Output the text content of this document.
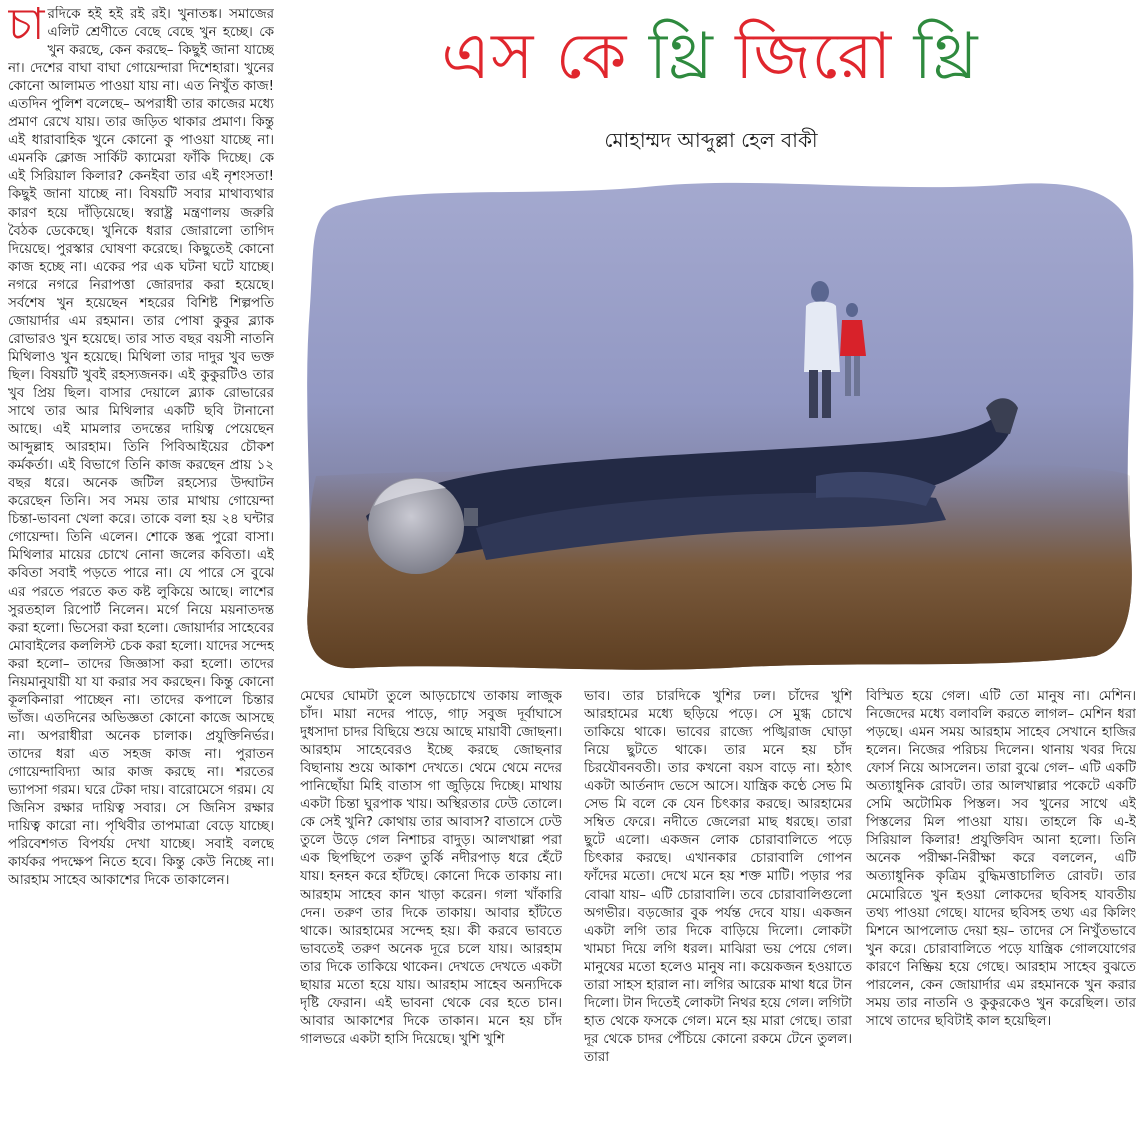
চারদিকে হই হই রই রই। খুনাতঙ্ক। সমাজের এলিট শ্রেণীতে বেছে বেছে খুন হচ্ছে। কে খুন করছে, কেন করছে– কিছুই জানা যাচ্ছে না। দেশের বাঘা বাঘা গোয়েন্দারা দিশেহারা। খুনের কোনো আলামত পাওয়া যায় না। এত নিখুঁত কাজ! এতদিন পুলিশ বলেছে– অপরাধী তার কাজের মধ্যে প্রমাণ রেখে যায়। তার জড়িত থাকার প্রমাণ। কিন্তু এই ধারাবাহিক খুনে কোনো কু পাওয়া যাচ্ছে না। এমনকি ক্লোজ সার্কিট ক্যামেরা ফাঁকি দিচ্ছে। কে এই সিরিয়াল কিলার? কেনইবা তার এই নৃশংসতা! কিছুই জানা যাচ্ছে না। বিষয়টি সবার মাথাব্যথার কারণ হয়ে দাঁড়িয়েছে। স্বরাষ্ট্র মন্ত্রণালয় জরুরি বৈঠক ডেকেছে। খুনিকে ধরার জোরালো তাগিদ দিয়েছে। পুরস্কার ঘোষণা করেছে। কিছুতেই কোনো কাজ হচ্ছে না। একের পর এক ঘটনা ঘটে যাচ্ছে। নগরে নগরে নিরাপত্তা জোরদার করা হয়েছে। সর্বশেষ খুন হয়েছেন শহরের বিশিষ্ট শিল্পপতি জোয়ার্দার এম রহমান। তার পোষা কুকুর ব্ল্যাক রোভারও খুন হয়েছে। তার সাত বছর বয়সী নাতনি মিথিলাও খুন হয়েছে। মিথিলা তার দাদুর খুব ভক্ত ছিল। বিষয়টি খুবই রহস্যজনক। এই কুকুরটিও তার খুব প্রিয় ছিল। বাসার দেয়ালে ব্ল্যাক রোভারের সাথে তার আর মিথিলার একটি ছবি টানানো আছে। এই মামলার তদন্তের দায়িত্ব পেয়েছেন আব্দুল্লাহ আরহাম। তিনি পিবিআইয়ের চৌকশ কর্মকর্তা। এই বিভাগে তিনি কাজ করছেন প্রায় ১২ বছর ধরে। অনেক জটিল রহস্যের উদ্ঘাটন করেছেন তিনি। সব সময় তার মাথায় গোয়েন্দা চিন্তা-ভাবনা খেলা করে। তাকে বলা হয় ২৪ ঘন্টার গোয়েন্দা। তিনি এলেন। শোকে স্তব্ধ পুরো বাসা। মিথিলার মায়ের চোখে নোনা জলের কবিতা। এই কবিতা সবাই পড়তে পারে না। যে পারে সে বুঝে এর পরতে পরতে কত কষ্ট লুকিয়ে আছে। লাশের সুরতহাল রিপোর্ট নিলেন। মর্গে নিয়ে ময়নাতদন্ত করা হলো। ভিসেরা করা হলো। জোয়ার্দার সাহেবের মোবাইলের কললিস্ট চেক করা হলো। যাদের সন্দেহ করা হলো– তাদের জিজ্ঞাসা করা হলো। তাদের নিয়মানুযায়ী যা যা করার সব করছেন। কিন্তু কোনো কূলকিনারা পাচ্ছেন না। তাদের কপালে চিন্তার ভাঁজ। এতদিনের অভিজ্ঞতা কোনো কাজে আসছে না। অপরাধীরা অনেক চালাক। প্রযুক্তিনির্ভর। তাদের ধরা এত সহজ কাজ না। পুরাতন গোয়েন্দাবিদ্যা আর কাজ করছে না। শরতের ভ্যাপসা গরম। ঘরে টেকা দায়। বারোমেসে গরম। যে জিনিস রক্ষার দায়িত্ব সবার। সে জিনিস রক্ষার দায়িত্ব কারো না। পৃথিবীর তাপমাত্রা বেড়ে যাচ্ছে। পরিবেশগত বিপর্যয় দেখা যাচ্ছে। সবাই বলছে কার্যকর পদক্ষেপ নিতে হবে। কিন্তু কেউ নিচ্ছে না। আরহাম সাহেব আকাশের দিকে তাকালেন।

এস কে থ্রি জিরো থ্রি
মোহাম্মদ আব্দুল্লা হেল বাকী

মেঘের ঘোমটা তুলে আড়চোখে তাকায় লাজুক চাঁদ। মায়া নদের পাড়ে, গাঢ় সবুজ দূর্বাঘাসে দুধসাদা চাদর বিছিয়ে শুয়ে আছে মায়াবী জোছনা। আরহাম সাহেবেরও ইচ্ছে করছে জোছনার বিছানায় শুয়ে আকাশ দেখতে। থেমে থেমে নদের পানিছোঁয়া মিহি বাতাস গা জুড়িয়ে দিচ্ছে। মাথায় একটা চিন্তা ঘুরপাক খায়। অস্থিরতার ঢেউ তোলে। কে সেই খুনি? কোথায় তার আবাস? বাতাসে ঢেউ তুলে উড়ে গেল নিশাচর বাদুড়। আলখাল্লা পরা এক ছিপছিপে তরুণ তুর্কি নদীরপাড় ধরে হেঁটে যায়। হনহন করে হাঁটছে। কোনো দিকে তাকায় না। আরহাম সাহেব কান খাড়া করেন। গলা খাঁকারি দেন। তরুণ তার দিকে তাকায়। আবার হাঁটতে থাকে। আরহামের সন্দেহ হয়। কী করবে ভাবতে ভাবতেই তরুণ অনেক দূরে চলে যায়। আরহাম তার দিকে তাকিয়ে থাকেন। দেখতে দেখতে একটা ছায়ার মতো হয়ে যায়। আরহাম সাহেব অন্যদিকে দৃষ্টি ফেরান। এই ভাবনা থেকে বের হতে চান। আবার আকাশের দিকে তাকান। মনে হয় চাঁদ গালভরে একটা হাসি দিয়েছে। খুশি খুশি

ভাব। তার চারদিকে খুশির ঢল। চাঁদের খুশি আরহামের মধ্যে ছড়িয়ে পড়ে। সে মুগ্ধ চোখে তাকিয়ে থাকে। ভাবের রাজ্যে পঙ্খিরাজ ঘোড়া নিয়ে ছুটতে থাকে। তার মনে হয় চাঁদ চিরযৌবনবতী। তার কখনো বয়স বাড়ে না। হঠাৎ একটা আর্তনাদ ভেসে আসে। যান্ত্রিক কণ্ঠে সেভ মি সেভ মি বলে কে যেন চিৎকার করছে। আরহামের সম্বিত ফেরে। নদীতে জেলেরা মাছ ধরছে। তারা ছুটে এলো। একজন লোক চোরাবালিতে পড়ে চিৎকার করছে। এখানকার চোরাবালি গোপন ফাঁদের মতো। দেখে মনে হয় শক্ত মাটি। পড়ার পর বোঝা যায়– এটি চোরাবালি। তবে চোরাবালিগুলো অগভীর। বড়জোর বুক পর্যন্ত দেবে যায়। একজন একটা লগি তার দিকে বাড়িয়ে দিলো। লোকটা খামচা দিয়ে লগি ধরল। মাঝিরা ভয় পেয়ে গেল। মানুষের মতো হলেও মানুষ না। কয়েকজন হওয়াতে তারা সাহস হারাল না। লগির আরেক মাথা ধরে টান দিলো। টান দিতেই লোকটা নিথর হয়ে গেল। লগিটা হাত থেকে ফসকে গেল। মনে হয় মারা গেছে। তারা দূর থেকে চাদর পেঁচিয়ে কোনো রকমে টেনে তুলল। তারা

বিস্মিত হয়ে গেল। এটি তো মানুষ না। মেশিন। নিজেদের মধ্যে বলাবলি করতে লাগল– মেশিন ধরা পড়ছে। এমন সময় আরহাম সাহেব সেখানে হাজির হলেন। নিজের পরিচয় দিলেন। থানায় খবর দিয়ে ফোর্স নিয়ে আসলেন। তারা বুঝে গেল– এটি একটি অত্যাধুনিক রোবট। তার আলখাল্লার পকেটে একটি সেমি অটোমিক পিস্তল। সব খুনের সাথে এই পিস্তলের মিল পাওয়া যায়। তাহলে কি এ-ই সিরিয়াল কিলার! প্রযুক্তিবিদ আনা হলো। তিনি অনেক পরীক্ষা-নিরীক্ষা করে বললেন, এটি অত্যাধুনিক কৃত্রিম বুদ্ধিমত্তাচালিত রোবট। তার মেমোরিতে খুন হওয়া লোকদের ছবিসহ যাবতীয় তথ্য পাওয়া গেছে। যাদের ছবিসহ তথ্য এর কিলিং মিশনে আপলোড দেয়া হয়– তাদের সে নিখুঁতভাবে খুন করে। চোরাবালিতে পড়ে যান্ত্রিক গোলযোগের কারণে নিষ্ক্রিয় হয়ে গেছে। আরহাম সাহেব বুঝতে পারলেন, কেন জোয়ার্দার এম রহমানকে খুন করার সময় তার নাতনি ও কুকুরকেও খুন করেছিল। তার সাথে তাদের ছবিটাই কাল হয়েছিল।
